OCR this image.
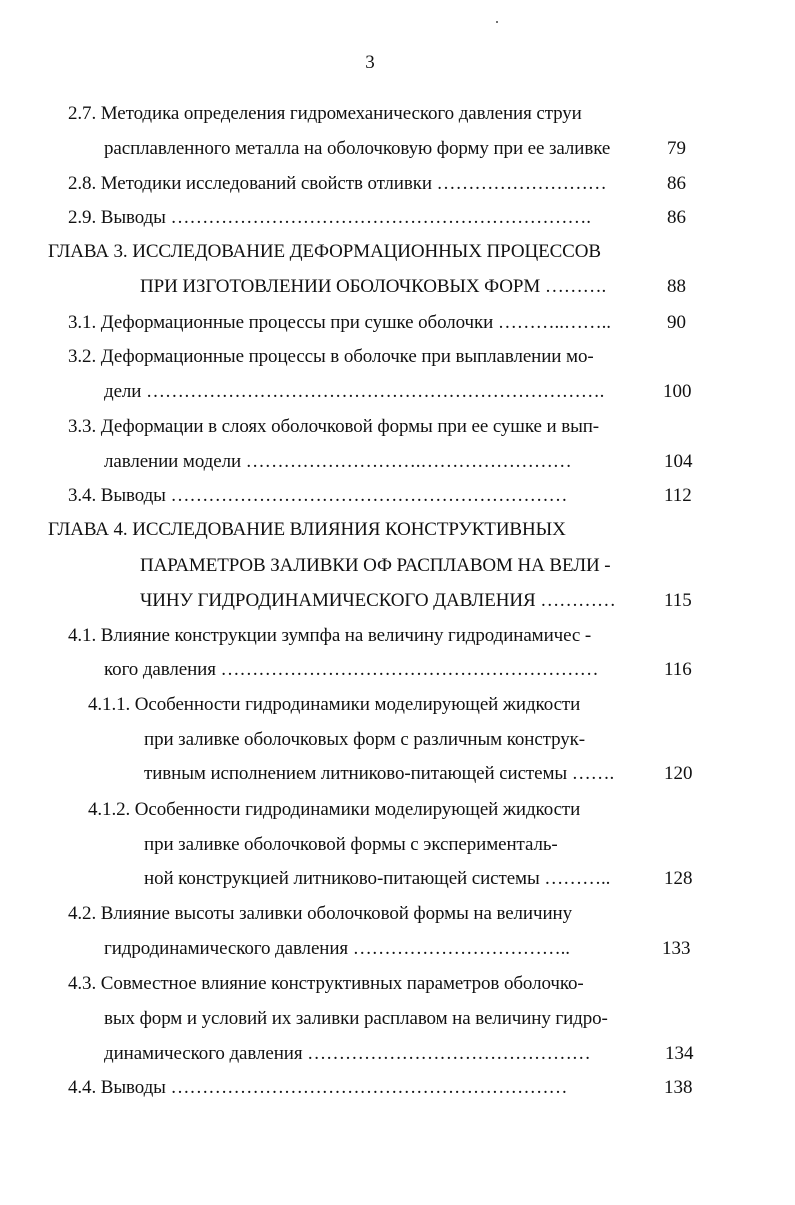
3
2.7. Методика определения гидромеханического давления струи
расплавленного металла на оболочковую форму при ее заливке	79
2.8. Методики исследований свойств отливки ………………………	86
2.9. Выводы ………………………………………………………….	86
ГЛАВА 3. ИССЛЕДОВАНИЕ ДЕФОРМАЦИОННЫХ ПРОЦЕССОВ
ПРИ ИЗГОТОВЛЕНИИ ОБОЛОЧКОВЫХ ФОРМ ……….	88
3.1. Деформационные процессы при сушке оболочки ………..……..	90
3.2. Деформационные процессы в оболочке при выплавлении мо-
дели ……………………………………………………………….	100
3.3. Деформации в слоях оболочковой формы при ее сушке и вып-
лавлении модели ……………………….……………………	104
3.4. Выводы ………………………………………………………	112
ГЛАВА 4. ИССЛЕДОВАНИЕ ВЛИЯНИЯ КОНСТРУКТИВНЫХ
ПАРАМЕТРОВ ЗАЛИВКИ ОФ РАСПЛАВОМ НА ВЕЛИ -
ЧИНУ ГИДРОДИНАМИЧЕСКОГО ДАВЛЕНИЯ …………	115
4.1. Влияние конструкции зумпфа на величину гидродинамичес -
кого давления ……………………………………………………	116
4.1.1. Особенности гидродинамики моделирующей жидкости
при заливке оболочковых форм с различным конструк-
тивным исполнением литниково-питающей системы …….	120
4.1.2. Особенности гидродинамики моделирующей жидкости
при заливке оболочковой формы с эксперименталь-
ной конструкцией литниково-питающей системы ………..	128
4.2. Влияние высоты заливки оболочковой формы на величину
гидродинамического давления ……………………………..	133
4.3. Совместное влияние конструктивных параметров оболочко-
вых форм и условий их заливки расплавом на величину гидро-
динамического давления ………………………………………	134
4.4. Выводы ………………………………………………………	138
